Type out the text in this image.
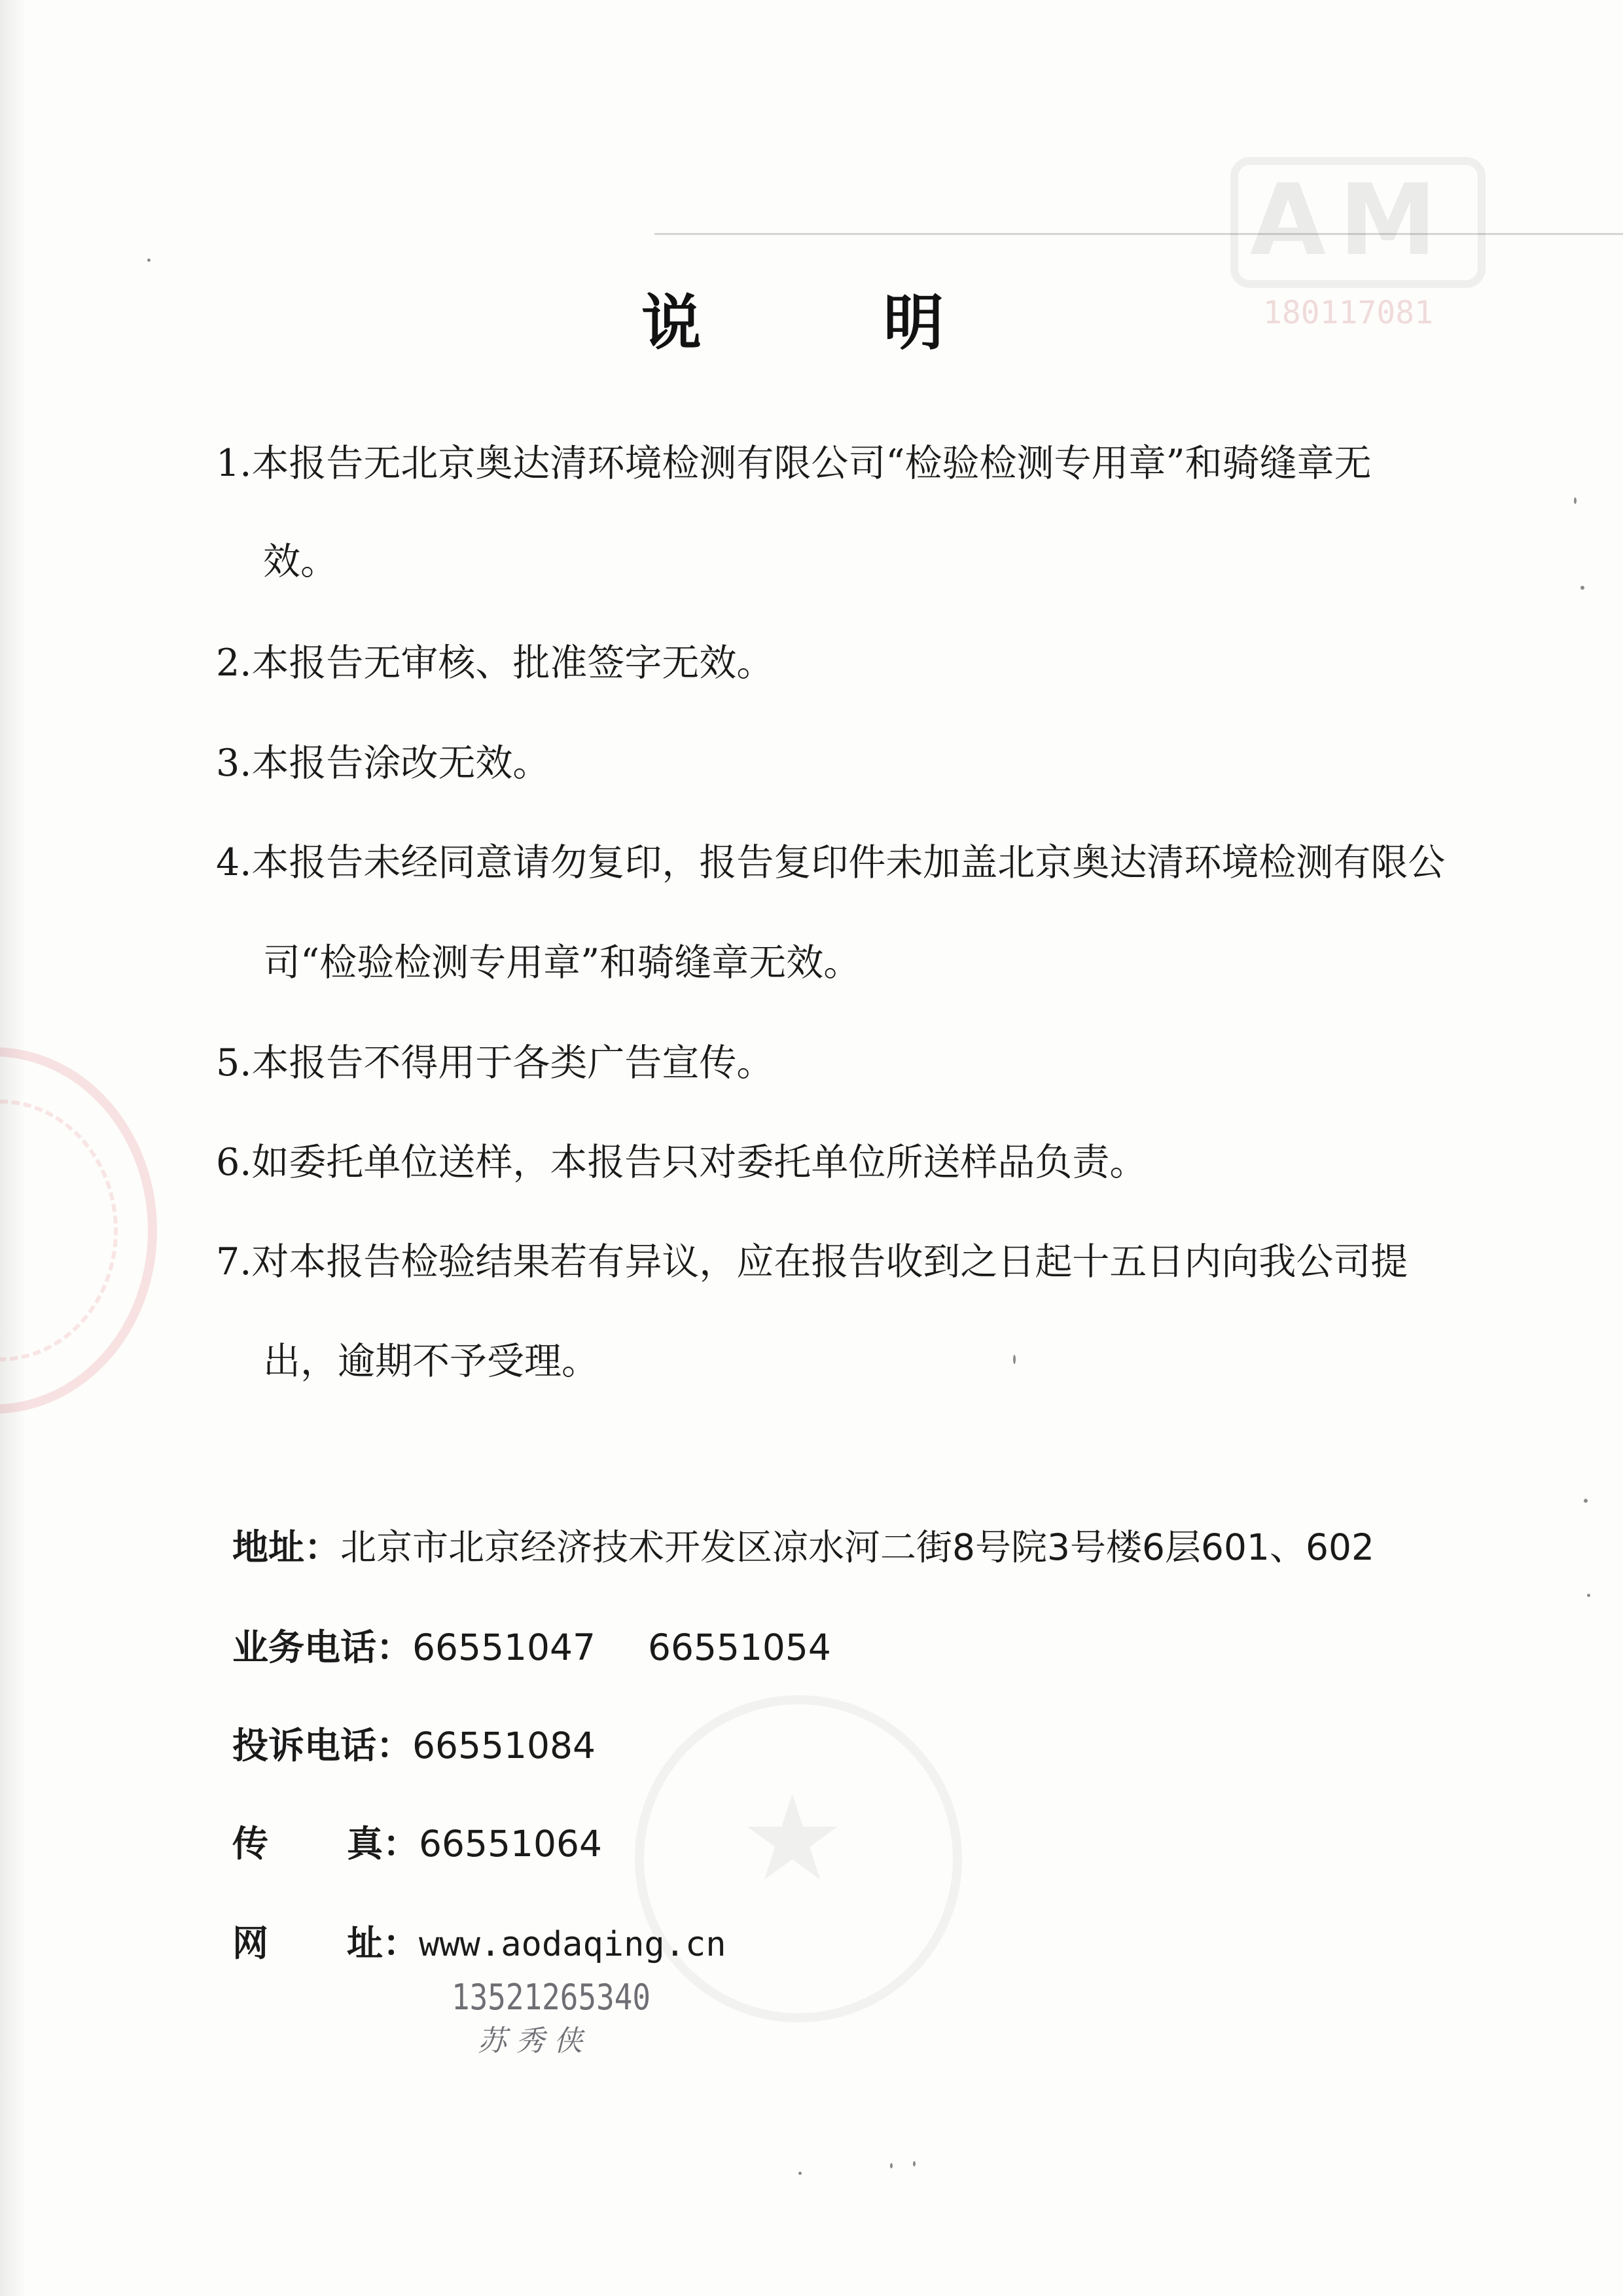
AM
180117081
★
说	明
1.本报告无北京奥达清环境检测有限公司“检验检测专用章”和骑缝章无
效。
2.本报告无审核、批准签字无效。
3.本报告涂改无效。
4.本报告未经同意请勿复印，报告复印件未加盖北京奥达清环境检测有限公
司“检验检测专用章”和骑缝章无效。
5.本报告不得用于各类广告宣传。
6.如委托单位送样，本报告只对委托单位所送样品负责。
7.对本报告检验结果若有异议，应在报告收到之日起十五日内向我公司提
出，逾期不予受理。
地址：北京市北京经济技术开发区凉水河二街8号院3号楼6层601、602
业务电话：66551047 66551054
投诉电话：66551084
传 真：66551064
网 址：www.aodaqing.cn
13521265340
苏秀侠
